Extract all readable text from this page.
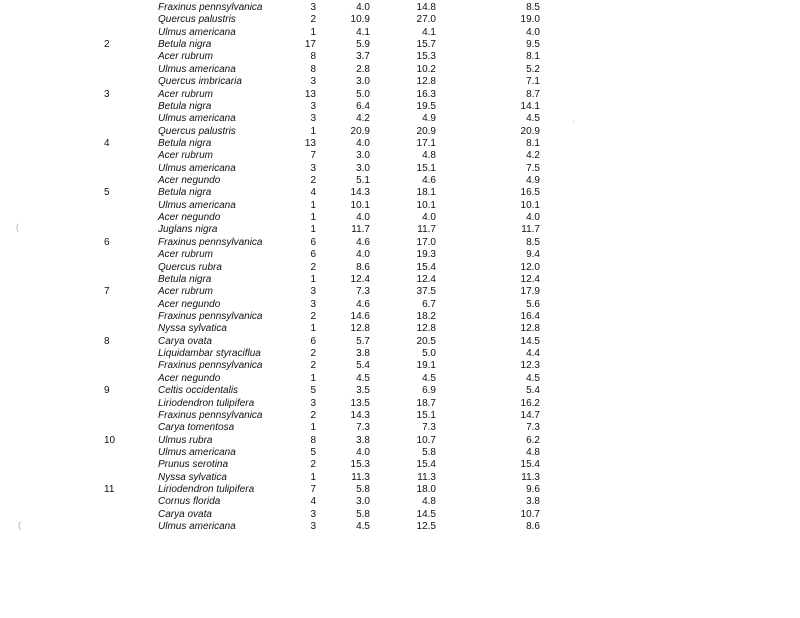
	Fraxinus pennsylvanica	3	4.0	14.8	8.5
	Quercus palustris	2	10.9	27.0	19.0
	Ulmus americana	1	4.1	4.1	4.0
2	Betula nigra	17	5.9	15.7	9.5
	Acer rubrum	8	3.7	15.3	8.1
	Ulmus americana	8	2.8	10.2	5.2
	Quercus imbricaria	3	3.0	12.8	7.1
3	Acer rubrum	13	5.0	16.3	8.7
	Betula nigra	3	6.4	19.5	14.1
	Ulmus americana	3	4.2	4.9	4.5
	Quercus palustris	1	20.9	20.9	20.9
4	Betula nigra	13	4.0	17.1	8.1
	Acer rubrum	7	3.0	4.8	4.2
	Ulmus americana	3	3.0	15.1	7.5
	Acer negundo	2	5.1	4.6	4.9
5	Betula nigra	4	14.3	18.1	16.5
	Ulmus americana	1	10.1	10.1	10.1
	Acer negundo	1	4.0	4.0	4.0
	Juglans nigra	1	11.7	11.7	11.7
6	Fraxinus pennsylvanica	6	4.6	17.0	8.5
	Acer rubrum	6	4.0	19.3	9.4
	Quercus rubra	2	8.6	15.4	12.0
	Betula nigra	1	12.4	12.4	12.4
7	Acer rubrum	3	7.3	37.5	17.9
	Acer negundo	3	4.6	6.7	5.6
	Fraxinus pennsylvanica	2	14.6	18.2	16.4
	Nyssa sylvatica	1	12.8	12.8	12.8
8	Carya ovata	6	5.7	20.5	14.5
	Liquidambar styraciflua	2	3.8	5.0	4.4
	Fraxinus pennsylvanica	2	5.4	19.1	12.3
	Acer negundo	1	4.5	4.5	4.5
9	Celtis occidentalis	5	3.5	6.9	5.4
	Liriodendron tulipifera	3	13.5	18.7	16.2
	Fraxinus pennsylvanica	2	14.3	15.1	14.7
	Carya tomentosa	1	7.3	7.3	7.3
10	Ulmus rubra	8	3.8	10.7	6.2
	Ulmus americana	5	4.0	5.8	4.8
	Prunus serotina	2	15.3	15.4	15.4
	Nyssa sylvatica	1	11.3	11.3	11.3
11	Liriodendron tulipifera	7	5.8	18.0	9.6
	Cornus florida	4	3.0	4.8	3.8
	Carya ovata	3	5.8	14.5	10.7
	Ulmus americana	3	4.5	12.5	8.6
(
(
·
